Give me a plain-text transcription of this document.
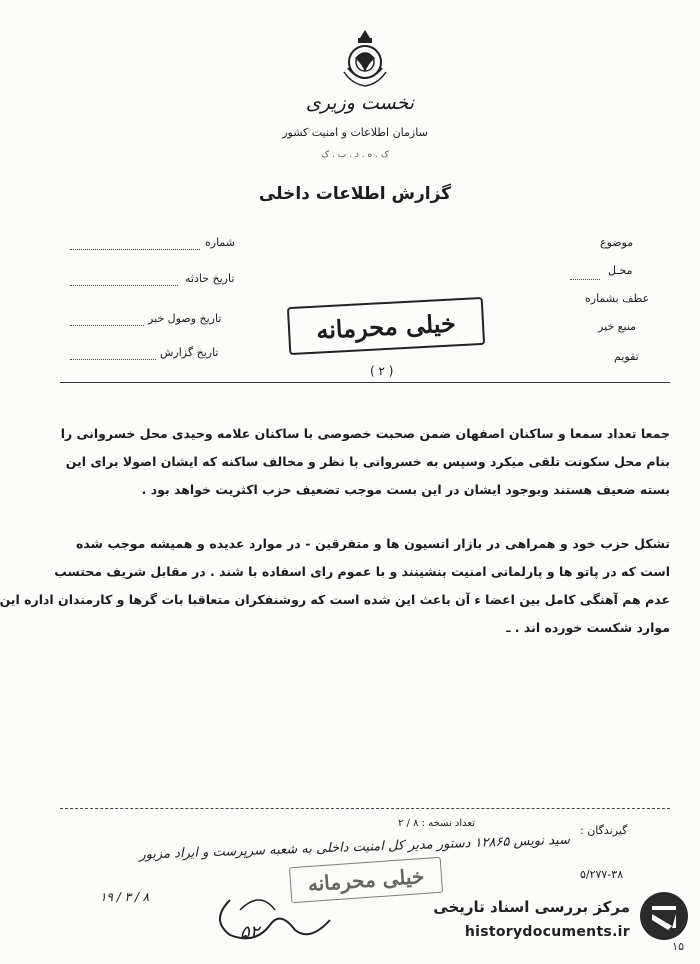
نخست وزیری
سازمان اطلاعات و امنیت کشور
ک . ه . د . ب . ک
گزارش اطلاعات داخلی
موضوع
محـل
عطف بشماره
منبع خبر
تقویم
شماره
تاریخ حادثه
تاریخ وصول خبر
تاریخ گزارش
خیلی محرمانه
( ۲ )
جمعا تعداد سمعا و ساکنان اصفهان ضمن صحبت خصوصی با ساکنان علامه وحیدی محل خسروانی را
بنام محل سکونت تلقی میکرد وسپس به خسروانی با نظر و مخالف ساکنه که ایشان اصولا برای این
بسته ضعیف هستند وبوجود ایشان در این بست موجب تضعیف حزب اکثریت خواهد بود .
تشکل حزب خود و همراهی در بازار اتسیون ها و متفرقین - در موارد عدیده و همیشه موجب شده
است که در پاتو ها و پارلمانی امنیت بنشینند و با عموم رای اسفاده با شند . در مقابل شریف محتسب
عدم هم آهنگی کامل بین اعضا ء آن باعث این شده است که روشنفکران متعاقبا بات گرها و کارمندان اداره این
موارد شکست خورده اند . ـ
گیرندگان :
تعداد نسخه : ۸ / ۲
سید نویس ۱۲۸۶۵ دستور مدیر کل امنیت داخلی به شعبه سرپرست و ایراد مزبور
خیلی محرمانه	۵/۲۷۷-۳۸
۱۹ / ۳ / ۸
۵۲
مرکز بررسی اسناد تاریخی
historydocuments.ir
۱۵
